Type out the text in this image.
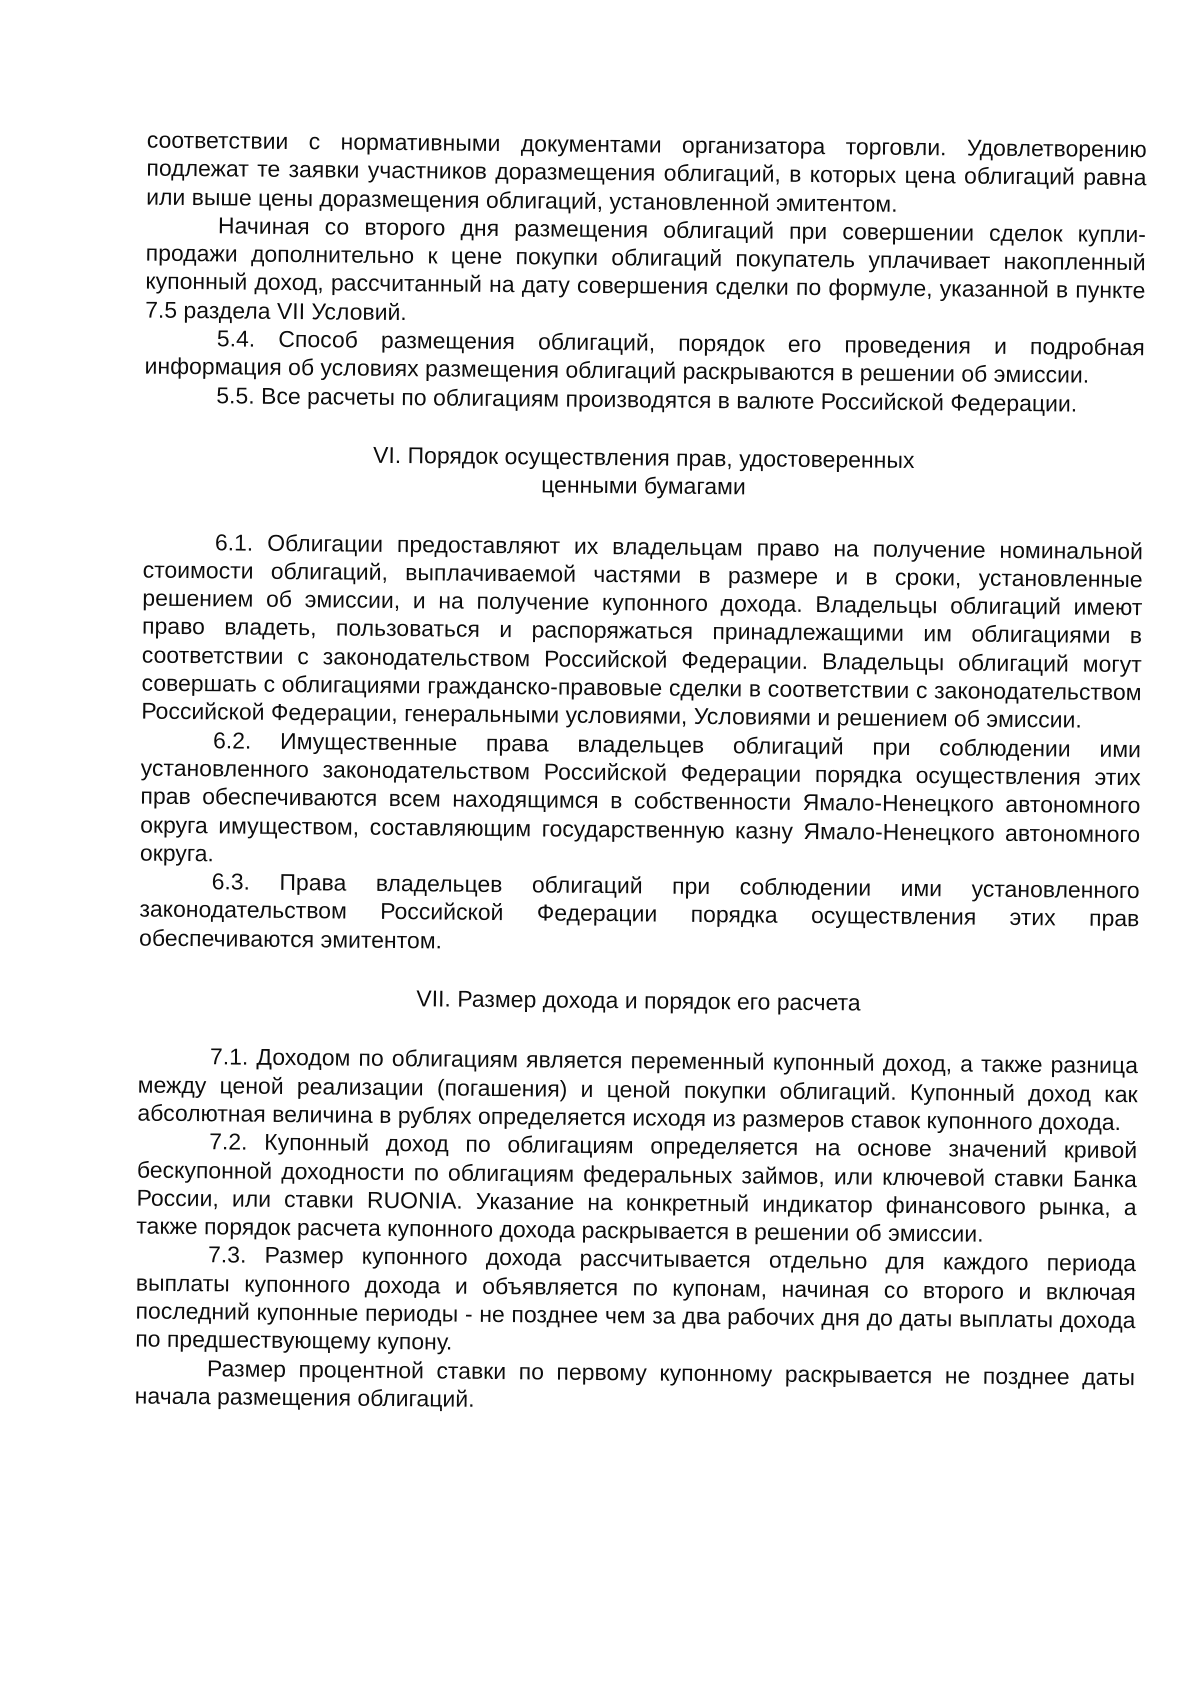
соответствии с нормативными документами организатора торговли. Удовлетворению подлежат те заявки участников доразмещения облигаций, в которых цена облигаций равна или выше цены доразмещения облигаций, установленной эмитентом.

Начиная со второго дня размещения облигаций при совершении сделок купли-продажи дополнительно к цене покупки облигаций покупатель уплачивает накопленный купонный доход, рассчитанный на дату совершения сделки по формуле, указанной в пункте 7.5 раздела VII Условий.

5.4. Способ размещения облигаций, порядок его проведения и подробная информация об условиях размещения облигаций раскрываются в решении об эмиссии.

5.5. Все расчеты по облигациям производятся в валюте Российской Федерации.

VI. Порядок осуществления прав, удостоверенных
ценными бумагами

6.1. Облигации предоставляют их владельцам право на получение номинальной стоимости облигаций, выплачиваемой частями в размере и в сроки, установленные решением об эмиссии, и на получение купонного дохода. Владельцы облигаций имеют право владеть, пользоваться и распоряжаться принадлежащими им облигациями в соответствии с законодательством Российской Федерации. Владельцы облигаций могут совершать с облигациями гражданско-правовые сделки в соответствии с законодательством Российской Федерации, генеральными условиями, Условиями и решением об эмиссии.

6.2. Имущественные права владельцев облигаций при соблюдении ими установленного законодательством Российской Федерации порядка осуществления этих прав обеспечиваются всем находящимся в собственности Ямало-Ненецкого автономного округа имуществом, составляющим государственную казну Ямало-Ненецкого автономного округа.

6.3. Права владельцев облигаций при соблюдении ими установленного законодательством Российской Федерации порядка осуществления этих прав обеспечиваются эмитентом.

VII. Размер дохода и порядок его расчета

7.1. Доходом по облигациям является переменный купонный доход, а также разница между ценой реализации (погашения) и ценой покупки облигаций. Купонный доход как абсолютная величина в рублях определяется исходя из размеров ставок купонного дохода.

7.2. Купонный доход по облигациям определяется на основе значений кривой бескупонной доходности по облигациям федеральных займов, или ключевой ставки Банка России, или ставки RUONIA. Указание на конкретный индикатор финансового рынка, а также порядок расчета купонного дохода раскрывается в решении об эмиссии.

7.3. Размер купонного дохода рассчитывается отдельно для каждого периода выплаты купонного дохода и объявляется по купонам, начиная со второго и включая последний купонные периоды - не позднее чем за два рабочих дня до даты выплаты дохода по предшествующему купону.

Размер процентной ставки по первому купонному раскрывается не позднее даты начала размещения облигаций.
